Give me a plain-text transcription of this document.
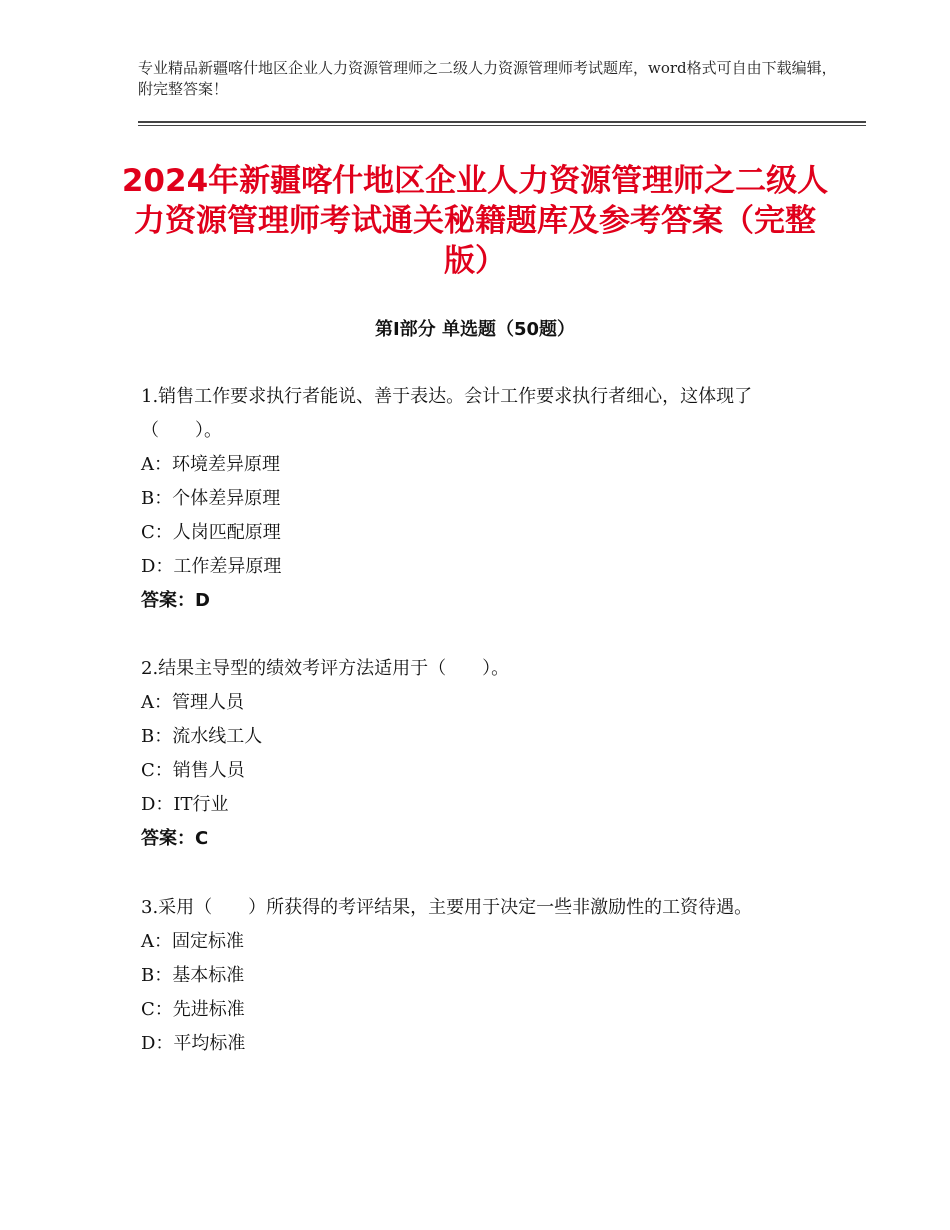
专业精品新疆喀什地区企业人力资源管理师之二级人力资源管理师考试题库，word格式可自由下载编辑，附完整答案！
2024年新疆喀什地区企业人力资源管理师之二级人力资源管理师考试通关秘籍题库及参考答案（完整版）
第Ⅰ部分 单选题（50题）

1.销售工作要求执行者能说、善于表达。会计工作要求执行者细心，这体现了（　　）。

A：环境差异原理

B：个体差异原理

C：人岗匹配原理

D：工作差异原理

答案：D

2.结果主导型的绩效考评方法适用于（　　）。

A：管理人员

B：流水线工人

C：销售人员

D：IT行业

答案：C

3.采用（　　）所获得的考评结果，主要用于决定一些非激励性的工资待遇。

A：固定标准

B：基本标准

C：先进标准

D：平均标准
